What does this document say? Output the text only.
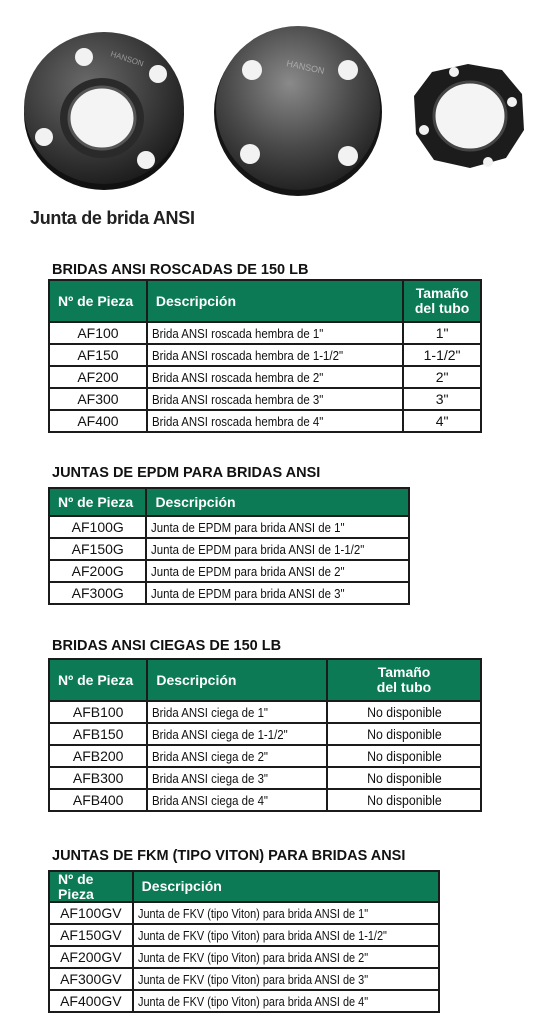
HANSON	HANSON
Junta de brida ANSI
BRIDAS ANSI ROSCADAS DE 150 LB
Nº de Pieza	Descripción	Tamaño
del tubo

AF100	Brida ANSI roscada hembra de 1"	1"
AF150	Brida ANSI roscada hembra de 1-1/2"	1-1/2"
AF200	Brida ANSI roscada hembra de 2"	2"
AF300	Brida ANSI roscada hembra de 3"	3"
AF400	Brida ANSI roscada hembra de 4"	4"
JUNTAS DE EPDM PARA BRIDAS ANSI
Nº de Pieza	Descripción
AF100G	Junta de EPDM para brida ANSI de 1"
AF150G	Junta de EPDM para brida ANSI de 1-1/2"
AF200G	Junta de EPDM para brida ANSI de 2"
AF300G	Junta de EPDM para brida ANSI de 3"
BRIDAS ANSI CIEGAS DE 150 LB
Nº de Pieza	Descripción	Tamaño
del tubo

AFB100	Brida ANSI ciega de 1"	No disponible
AFB150	Brida ANSI ciega de 1-1/2"	No disponible
AFB200	Brida ANSI ciega de 2"	No disponible
AFB300	Brida ANSI ciega de 3"	No disponible
AFB400	Brida ANSI ciega de 4"	No disponible
JUNTAS DE FKM (TIPO VITON) PARA BRIDAS ANSI
Nº de Pieza	Descripción
AF100GV	Junta de FKV (tipo Viton) para brida ANSI de 1"
AF150GV	Junta de FKV (tipo Viton) para brida ANSI de 1-1/2"
AF200GV	Junta de FKV (tipo Viton) para brida ANSI de 2"
AF300GV	Junta de FKV (tipo Viton) para brida ANSI de 3"
AF400GV	Junta de FKV (tipo Viton) para brida ANSI de 4"
